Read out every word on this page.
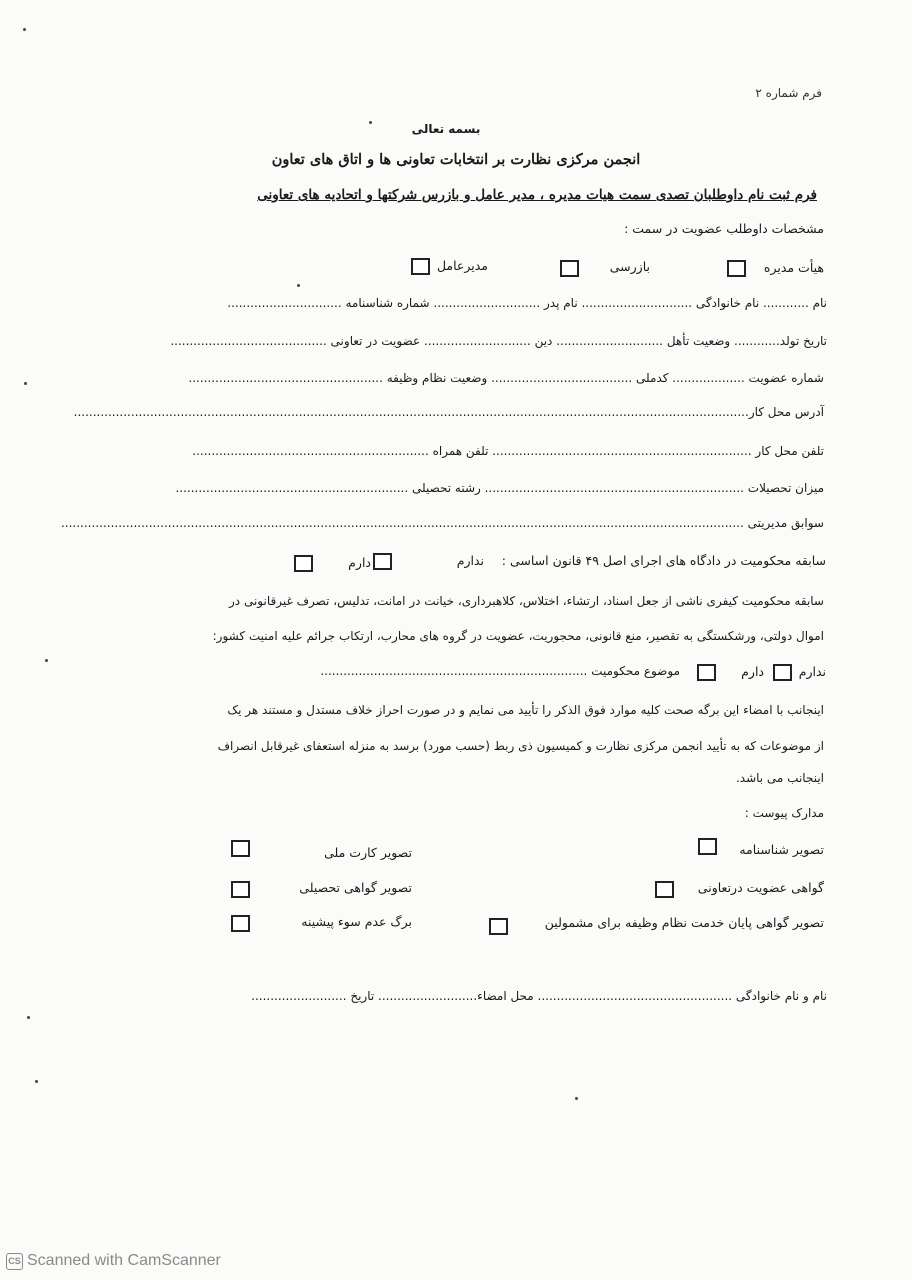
فرم شماره ۲
بسمه تعالی
انجمن مرکزی نظارت بر انتخابات تعاونی ها و اتاق های تعاون
فرم ثبت نام داوطلبان تصدی سمت هیات مدیره ، مدیر عامل و بازرس شرکتها و اتحادیه های تعاونی
مشخصات داوطلب عضویت در سمت :
هیأت مدیره
بازرسی
مدیرعامل
نام ............ نام خانوادگی ............................. نام پدر ............................ شماره شناسنامه ..............................
تاریخ تولد............ وضعیت تأهل ............................ دین ............................ عضویت در تعاونی .........................................
شماره عضویت ................... کدملی ..................................... وضعیت نظام وظیفه ...................................................
آدرس محل کار.................................................................................................................................................................................
تلفن محل کار .................................................................... تلفن همراه ..............................................................
میزان تحصیلات .................................................................... رشته تحصیلی .............................................................
سوابق مدیریتی ...................................................................................................................................................................................
سابقه محکومیت در دادگاه های اجرای اصل ۴۹ قانون اساسی :
ندارم
دارم
سابقه محکومیت کیفری ناشی از جعل اسناد، ارتشاء، اختلاس، کلاهبرداری، خیانت در امانت، تدلیس، تصرف غیرقانونی در
اموال دولتی، ورشکستگی به تقصیر، منع قانونی، محجوریت، عضویت در گروه های محارب، ارتکاب جرائم علیه امنیت کشور:
ندارم
دارم
موضوع محکومیت ......................................................................
اینجانب با امضاء این برگه صحت کلیه موارد فوق الذکر را تأیید می نمایم و در صورت احراز خلاف مستدل و مستند هر یک
از موضوعات که به تأیید انجمن مرکزی نظارت و کمیسیون ذی ربط (حسب مورد) برسد به منزله استعفای غیرقابل انصراف
اینجانب می باشد.
مدارک پیوست :
تصویر شناسنامه
تصویر کارت ملی
گواهی عضویت درتعاونی
تصویر گواهی تحصیلی
تصویر گواهی پایان خدمت نظام وظیفه برای مشمولین
برگ عدم سوء پیشینه
نام و نام خانوادگی ................................................... محل امضاء.......................... تاریخ .........................
CS Scanned with CamScanner
